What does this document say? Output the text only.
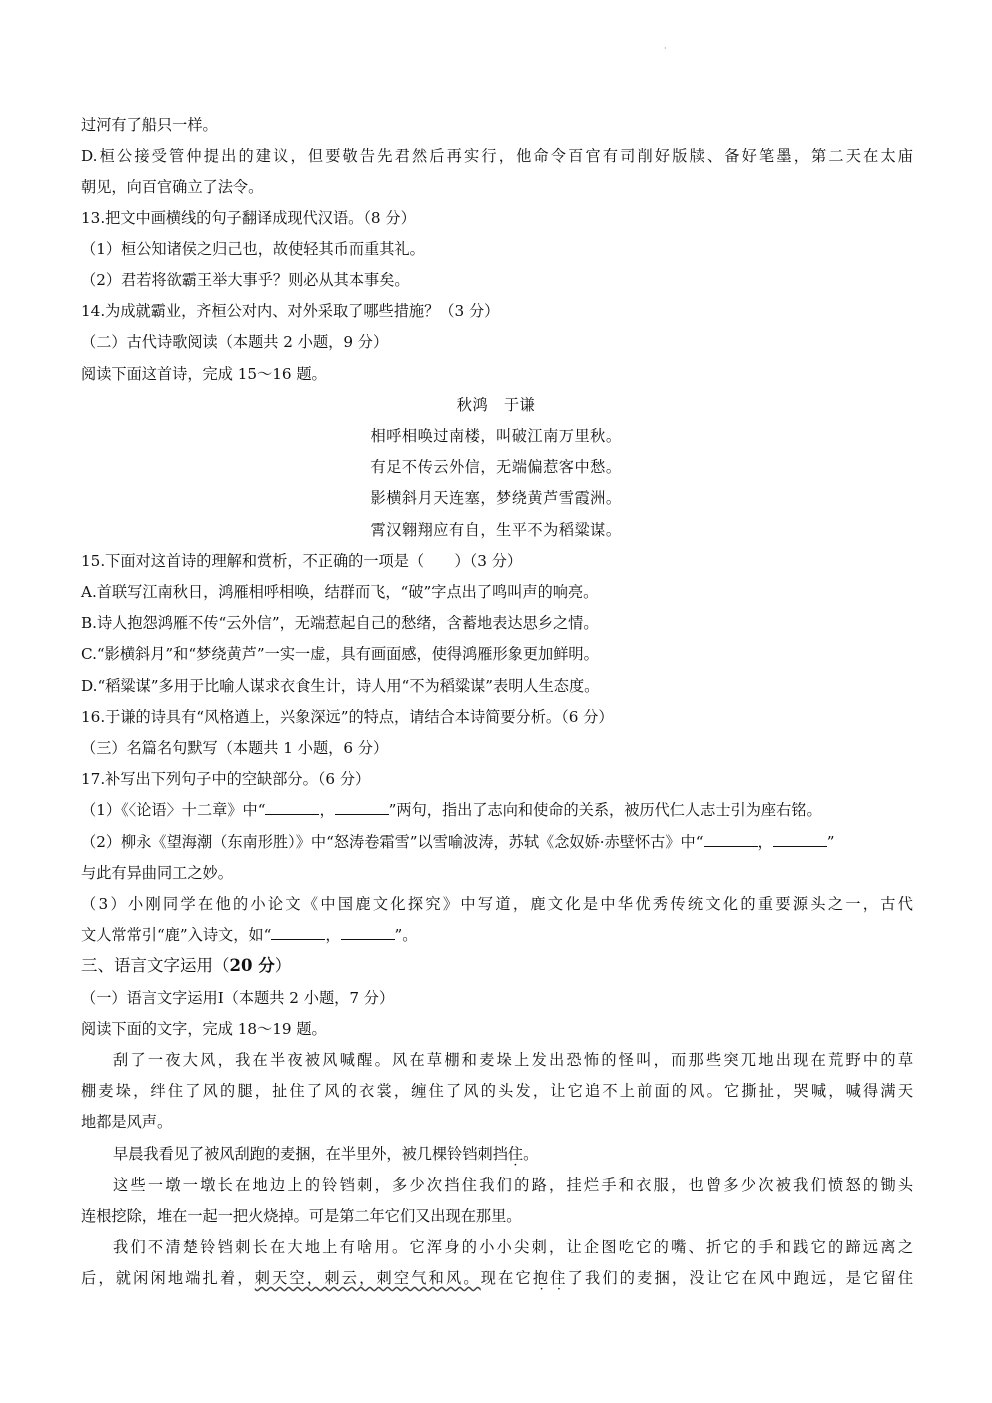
·
过河有了船只一样。
D.桓公接受管仲提出的建议，但要敬告先君然后再实行，他命令百官有司削好版牍、备好笔墨，第二天在太庙
朝见，向百官确立了法令。
13.把文中画横线的句子翻译成现代汉语。（8 分）
（1）桓公知诸侯之归己也，故使轻其币而重其礼。
（2）君若将欲霸王举大事乎？则必从其本事矣。
14.为成就霸业，齐桓公对内、对外采取了哪些措施？（3 分）
（二）古代诗歌阅读（本题共 2 小题，9 分）
阅读下面这首诗，完成 15～16 题。
秋鸿　于谦
相呼相唤过南楼，叫破江南万里秋。
有足不传云外信，无端偏惹客中愁。
影横斜月天连塞，梦绕黄芦雪霞洲。
霄汉翱翔应有自，生平不为稻粱谋。
15.下面对这首诗的理解和赏析，不正确的一项是（　　）（3 分）
A.首联写江南秋日，鸿雁相呼相唤，结群而飞，“破”字点出了鸣叫声的响亮。
B.诗人抱怨鸿雁不传“云外信”，无端惹起自己的愁绪，含蓄地表达思乡之情。
C.“影横斜月”和“梦绕黄芦”一实一虚，具有画面感，使得鸿雁形象更加鲜明。
D.“稻粱谋”多用于比喻人谋求衣食生计，诗人用“不为稻粱谋”表明人生态度。
16.于谦的诗具有“风格遒上，兴象深远”的特点，请结合本诗简要分析。（6 分）
（三）名篇名句默写（本题共 1 小题，6 分）
17.补写出下列句子中的空缺部分。（6 分）
（1）《〈论语〉十二章》中“	，	”两句，指出了志向和使命的关系，被历代仁人志士引为座右铭。
（2）柳永《望海潮（东南形胜）》中“怒涛卷霜雪”以雪喻波涛，苏轼《念奴娇·赤壁怀古》中“	，	”
与此有异曲同工之妙。
（3）小刚同学在他的小论文《中国鹿文化探究》中写道，鹿文化是中华优秀传统文化的重要源头之一，古代
文人常常引“鹿”入诗文，如“	，	”。
三、语言文字运用（20 分）
（一）语言文字运用Ⅰ（本题共 2 小题，7 分）
阅读下面的文字，完成 18～19 题。
刮了一夜大风，我在半夜被风喊醒。风在草棚和麦垛上发出恐怖的怪叫，而那些突兀地出现在荒野中的草
棚麦垛，绊住了风的腿，扯住了风的衣裳，缠住了风的头发，让它追不上前面的风。它撕扯，哭喊，喊得满天
地都是风声。
早晨我看见了被风刮跑的麦捆，在半里外，被几棵铃铛刺挡住。
这些一墩一墩长在地边上的铃铛刺，多少次挡住我们的路，挂烂手和衣服，也曾多少次被我们愤怒的锄头
连根挖除，堆在一起一把火烧掉。可是第二年它们又出现在那里。
我们不清楚铃铛刺长在大地上有啥用。它浑身的小小尖刺，让企图吃它的嘴、折它的手和践它的蹄远离之
后，就闲闲地端扎着，刺天空，刺云，刺空气和风。现在它抱住了我们的麦捆，没让它在风中跑远，是它留住
